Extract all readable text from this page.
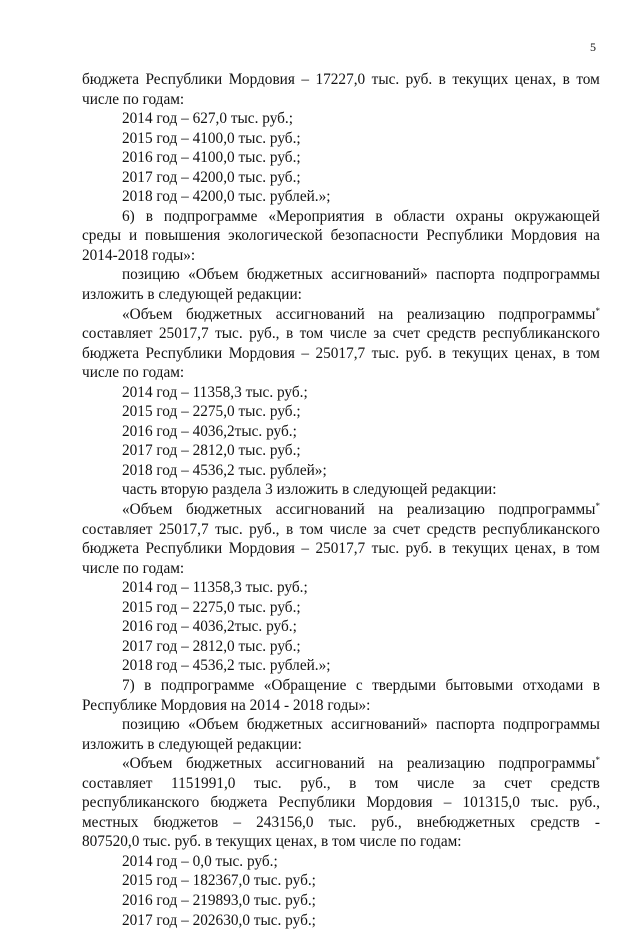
5
бюджета Республики Мордовия – 17227,0 тыс. руб. в текущих ценах, в том
числе по годам:
2014 год – 627,0 тыс. руб.;
2015 год – 4100,0 тыс. руб.;
2016 год – 4100,0 тыс. руб.;
2017 год – 4200,0 тыс. руб.;
2018 год – 4200,0 тыс. рублей.»;
6) в подпрограмме «Мероприятия в области охраны окружающей
среды и повышения экологической безопасности Республики Мордовия на
2014-2018 годы»:
позицию «Объем бюджетных ассигнований» паспорта подпрограммы
изложить в следующей редакции:
«Объем бюджетных ассигнований на реализацию подпрограммы*
составляет 25017,7 тыс. руб., в том числе за счет средств республиканского
бюджета Республики Мордовия – 25017,7 тыс. руб. в текущих ценах, в том
числе по годам:
2014 год – 11358,3 тыс. руб.;
2015 год – 2275,0 тыс. руб.;
2016 год – 4036,2тыс. руб.;
2017 год – 2812,0 тыс. руб.;
2018 год – 4536,2 тыс. рублей»;
часть вторую раздела 3 изложить в следующей редакции:
«Объем бюджетных ассигнований на реализацию подпрограммы*
составляет 25017,7 тыс. руб., в том числе за счет средств республиканского
бюджета Республики Мордовия – 25017,7 тыс. руб. в текущих ценах, в том
числе по годам:
2014 год – 11358,3 тыс. руб.;
2015 год – 2275,0 тыс. руб.;
2016 год – 4036,2тыс. руб.;
2017 год – 2812,0 тыс. руб.;
2018 год – 4536,2 тыс. рублей.»;
7) в подпрограмме «Обращение с твердыми бытовыми отходами в
Республике Мордовия на 2014 - 2018 годы»:
позицию «Объем бюджетных ассигнований» паспорта подпрограммы
изложить в следующей редакции:
«Объем бюджетных ассигнований на реализацию подпрограммы*
составляет 1151991,0 тыс. руб., в том числе за счет средств
республиканского бюджета Республики Мордовия – 101315,0 тыс. руб.,
местных бюджетов – 243156,0 тыс. руб., внебюджетных средств -
807520,0 тыс. руб. в текущих ценах, в том числе по годам:
2014 год – 0,0 тыс. руб.;
2015 год – 182367,0 тыс. руб.;
2016 год – 219893,0 тыс. руб.;
2017 год – 202630,0 тыс. руб.;
